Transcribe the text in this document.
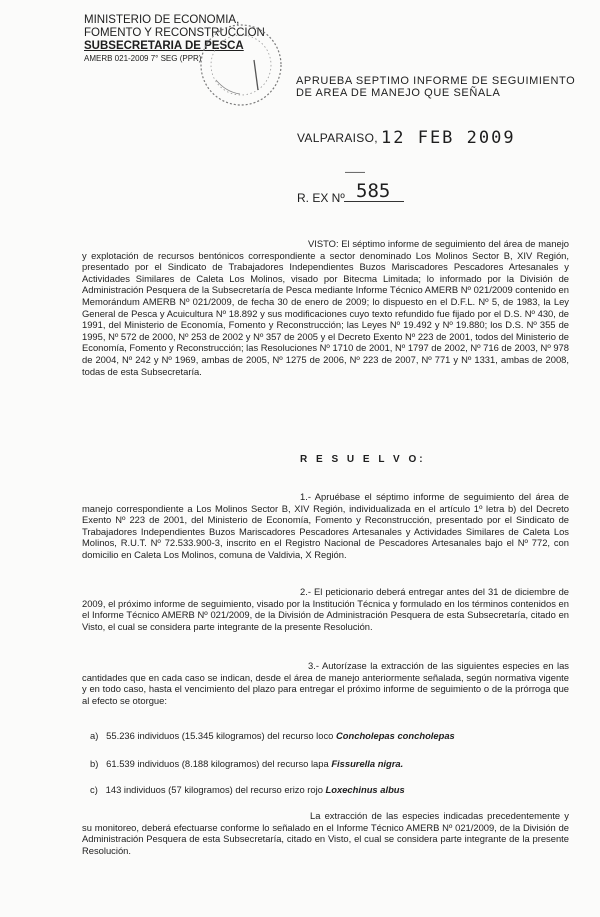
MINISTERIO DE ECONOMIA,
FOMENTO Y RECONSTRUCCION
SUBSECRETARIA DE PESCA
AMERB 021-2009 7° SEG (PPR)
APRUEBA SEPTIMO INFORME DE SEGUIMIENTO
DE AREA DE MANEJO QUE SEÑALA
VALPARAISO, 12 FEB 2009
——
R. EX Nº 585
VISTO: El séptimo informe de seguimiento del área de manejo y explotación de recursos bentónicos correspondiente a sector denominado Los Molinos Sector B, XIV Región, presentado por el Sindicato de Trabajadores Independientes Buzos Mariscadores Pescadores Artesanales y Actividades Similares de Caleta Los Molinos, visado por Bitecma Limitada; lo informado por la División de Administración Pesquera de la Subsecretaría de Pesca mediante Informe Técnico AMERB Nº 021/2009 contenido en Memorándum AMERB Nº 021/2009, de fecha 30 de enero de 2009; lo dispuesto en el D.F.L. Nº 5, de 1983, la Ley General de Pesca y Acuicultura Nº 18.892 y sus modificaciones cuyo texto refundido fue fijado por el D.S. Nº 430, de 1991, del Ministerio de Economía, Fomento y Reconstrucción; las Leyes Nº 19.492 y Nº 19.880; los D.S. Nº 355 de 1995, Nº 572 de 2000, Nº 253 de 2002 y Nº 357 de 2005 y el Decreto Exento Nº 223 de 2001, todos del Ministerio de Economía, Fomento y Reconstrucción; las Resoluciones Nº 1710 de 2001, Nº 1797 de 2002, Nº 716 de 2003, Nº 978 de 2004, Nº 242 y Nº 1969, ambas de 2005, Nº 1275 de 2006, Nº 223 de 2007, Nº 771 y Nº 1331, ambas de 2008, todas de esta Subsecretaría.
R E S U E L V O:
1.- Apruébase el séptimo informe de seguimiento del área de manejo correspondiente a Los Molinos Sector B, XIV Región, individualizada en el artículo 1º letra b) del Decreto Exento Nº 223 de 2001, del Ministerio de Economía, Fomento y Reconstrucción, presentado por el Sindicato de Trabajadores Independientes Buzos Mariscadores Pescadores Artesanales y Actividades Similares de Caleta Los Molinos, R.U.T. Nº 72.533.900-3, inscrito en el Registro Nacional de Pescadores Artesanales bajo el Nº 772, con domicilio en Caleta Los Molinos, comuna de Valdivia, X Región.
2.- El peticionario deberá entregar antes del 31 de diciembre de 2009, el próximo informe de seguimiento, visado por la Institución Técnica y formulado en los términos contenidos en el Informe Técnico AMERB Nº 021/2009, de la División de Administración Pesquera de esta Subsecretaría, citado en Visto, el cual se considera parte integrante de la presente Resolución.
3.- Autorízase la extracción de las siguientes especies en las cantidades que en cada caso se indican, desde el área de manejo anteriormente señalada, según normativa vigente y en todo caso, hasta el vencimiento del plazo para entregar el próximo informe de seguimiento o de la prórroga que al efecto se otorgue:
a) 55.236 individuos (15.345 kilogramos) del recurso loco Concholepas concholepas
b) 61.539 individuos (8.188 kilogramos) del recurso lapa Fissurella nigra.
c) 143 individuos (57 kilogramos) del recurso erizo rojo Loxechinus albus
La extracción de las especies indicadas precedentemente y su monitoreo, deberá efectuarse conforme lo señalado en el Informe Técnico AMERB Nº 021/2009, de la División de Administración Pesquera de esta Subsecretaría, citado en Visto, el cual se considera parte integrante de la presente Resolución.
